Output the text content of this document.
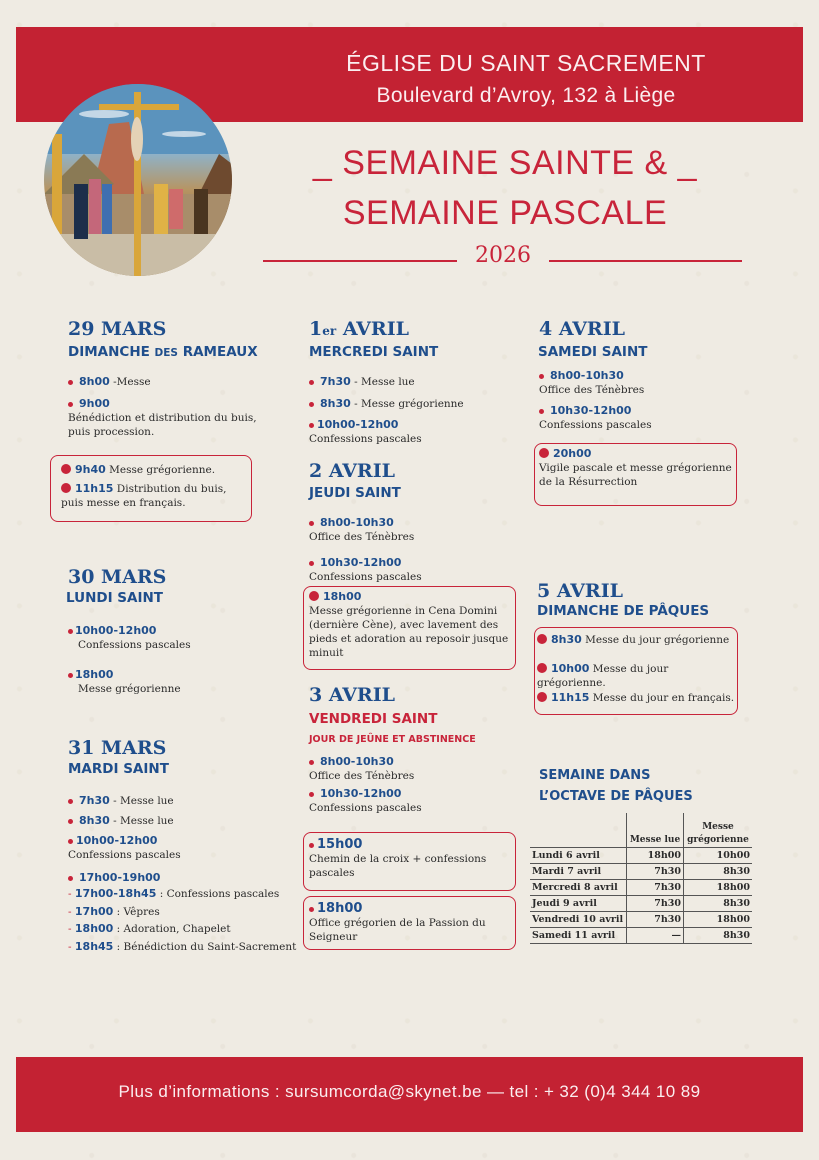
ÉGLISE DU SAINT SACREMENT
Boulevard d’Avroy, 132 à Liège
_ SEMAINE SAINTE & _
SEMAINE PASCALE
2026
29 MARS
DIMANCHE DES RAMEAUX
8h00 -Messe
9h00
Bénédiction et distribution du buis, puis procession.
9h40 Messe grégorienne.
11h15 Distribution du buis, puis messe en français.
30 MARS
LUNDI SAINT
10h00-12h00
Confessions pascales
18h00
Messe grégorienne
31 MARS
MARDI SAINT
7h30 - Messe lue
8h30 - Messe lue
10h00-12h00
Confessions pascales
17h00-19h00
- 17h00-18h45 : Confessions pascales
- 17h00 : Vêpres
- 18h00 : Adoration, Chapelet
- 18h45 : Bénédiction du Saint-Sacrement
1er AVRIL
MERCREDI SAINT
7h30 - Messe lue
8h30 - Messe grégorienne
10h00-12h00
Confessions pascales
2 AVRIL
JEUDI SAINT
8h00-10h30
Office des Ténèbres
10h30-12h00
Confessions pascales
18h00
Messe grégorienne in Cena Domini (dernière Cène), avec lavement des pieds et adoration au reposoir jusque minuit
3 AVRIL
VENDREDI SAINT
JOUR DE JEÛNE ET ABSTINENCE
8h00-10h30
Office des Ténèbres
10h30-12h00
Confessions pascales
15h00
Chemin de la croix + confessions pascales
18h00
Office grégorien de la Passion du Seigneur
4 AVRIL
SAMEDI SAINT
8h00-10h30
Office des Ténèbres
10h30-12h00
Confessions pascales
20h00
Vigile pascale et messe grégorienne de la Résurrection
5 AVRIL
DIMANCHE DE PÂQUES
8h30 Messe du jour grégorienne
10h00 Messe du jour grégorienne.
11h15 Messe du jour en français.
SEMAINE DANS
L’OCTAVE DE PÂQUES
	Messe lue	Messe grégorienne
Lundi 6 avril	18h00	10h00
Mardi 7 avril	7h30	8h30
Mercredi 8 avril	7h30	18h00
Jeudi 9 avril	7h30	8h30
Vendredi 10 avril	7h30	18h00
Samedi 11 avril	—	8h30
Plus d’informations : sursumcorda@skynet.be — tel : + 32 (0)4 344 10 89
